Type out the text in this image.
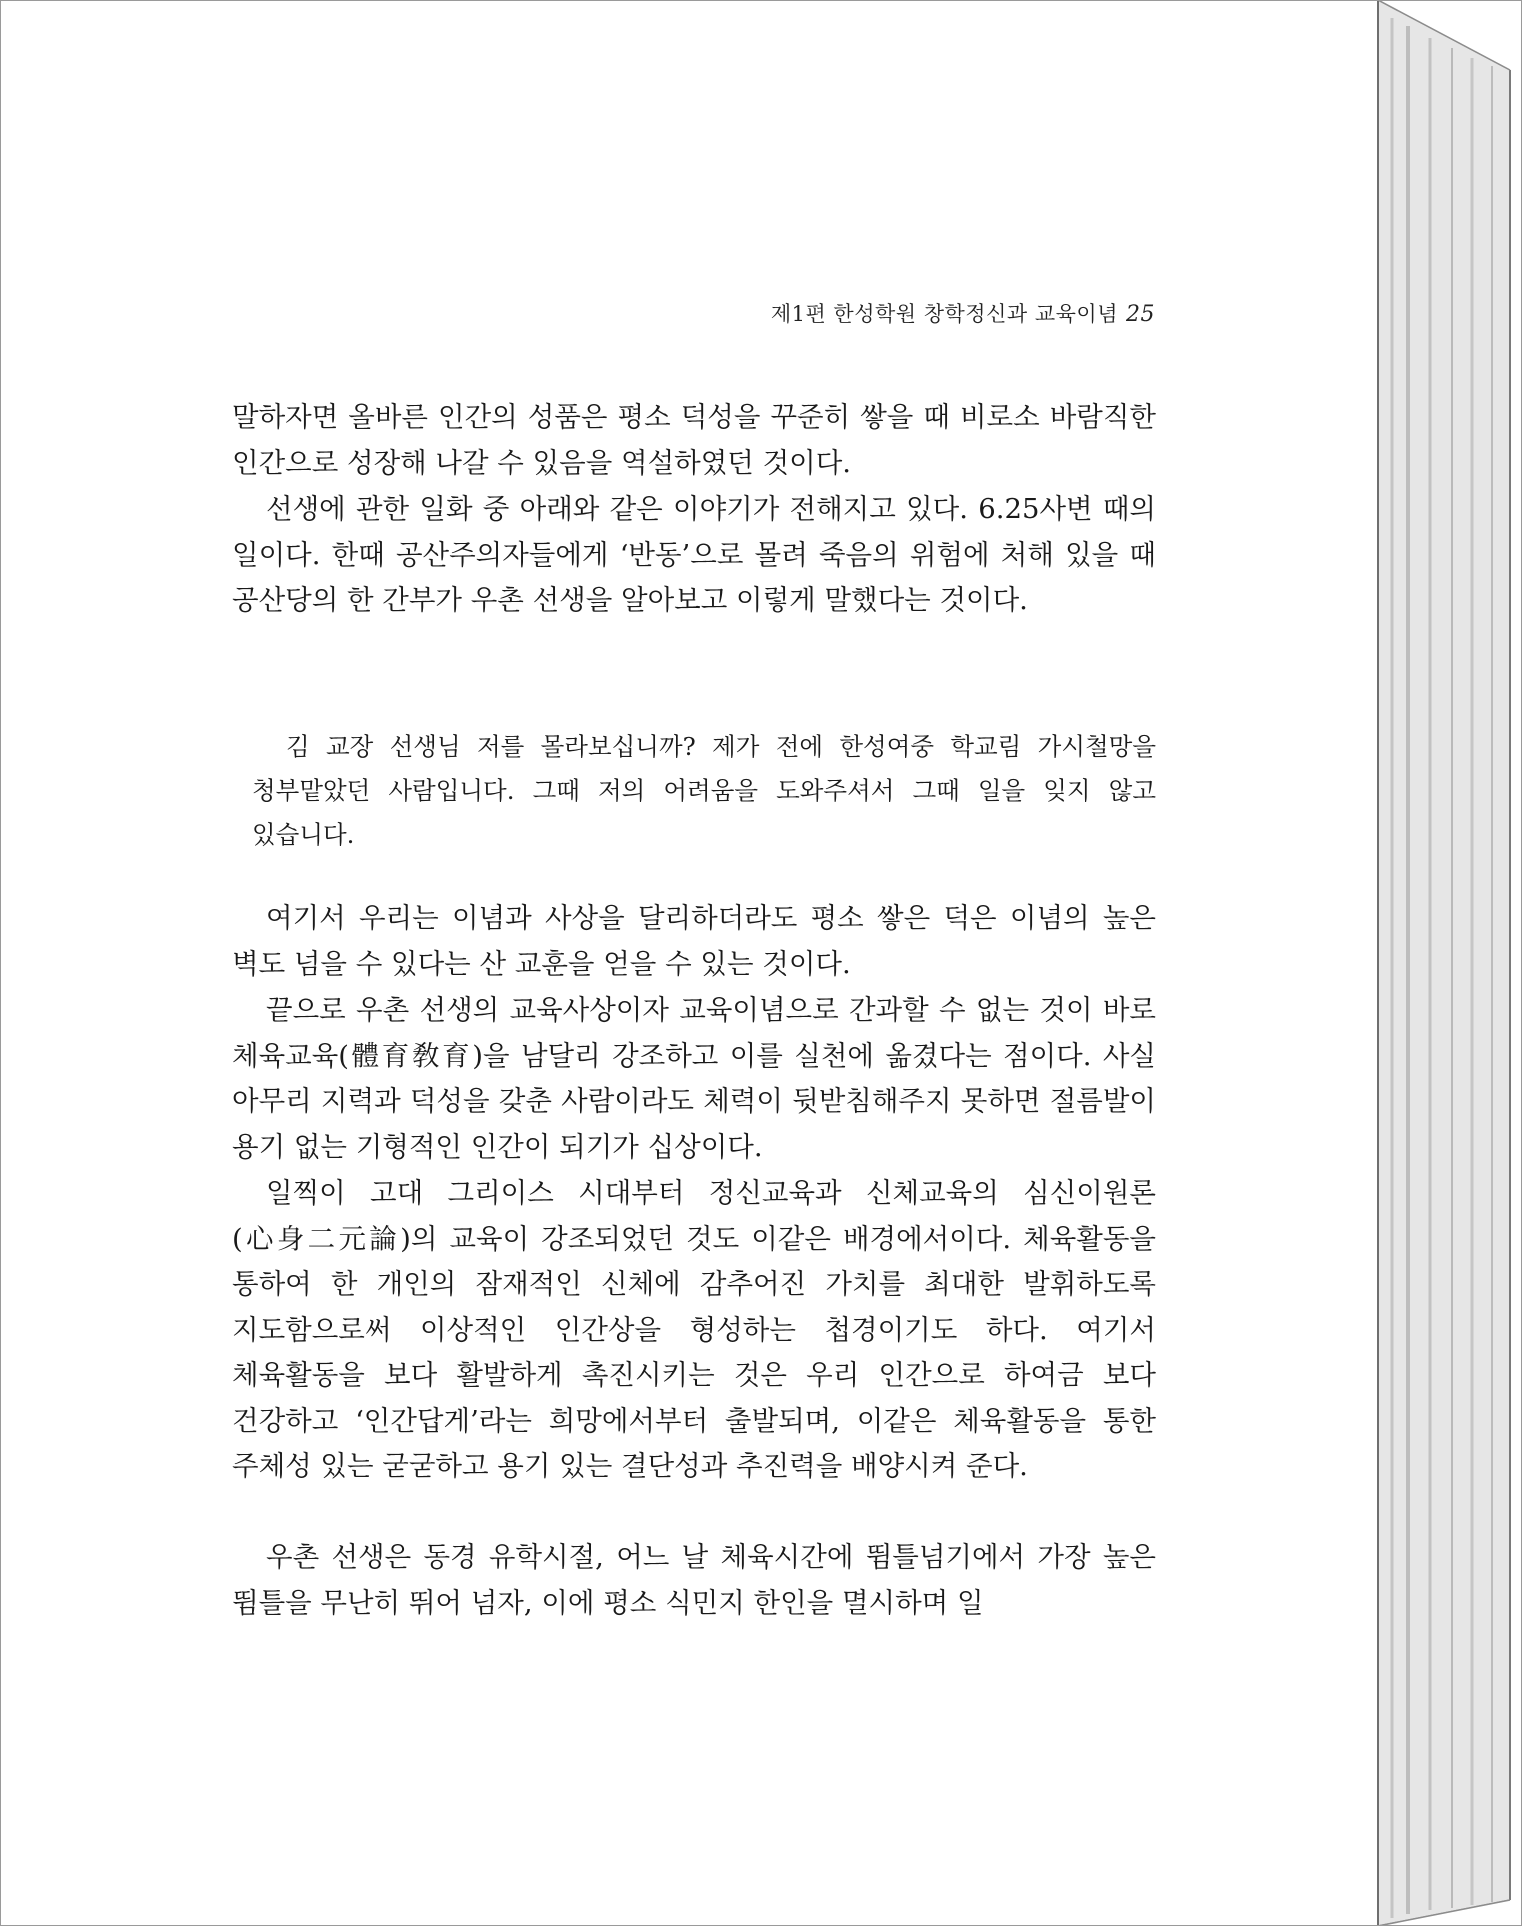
제1편 한성학원 창학정신과 교육이념 25

말하자면 올바른 인간의 성품은 평소 덕성을 꾸준히 쌓을 때 비로소 바람직한 인간으로 성장해 나갈 수 있음을 역설하였던 것이다.

선생에 관한 일화 중 아래와 같은 이야기가 전해지고 있다. 6.25사변 때의 일이다. 한때 공산주의자들에게 ‘반동’으로 몰려 죽음의 위험에 처해 있을 때 공산당의 한 간부가 우촌 선생을 알아보고 이렇게 말했다는 것이다.

김 교장 선생님 저를 몰라보십니까? 제가 전에 한성여중 학교림 가시철망을 청부맡았던 사람입니다. 그때 저의 어려움을 도와주셔서 그때 일을 잊지 않고 있습니다.

여기서 우리는 이념과 사상을 달리하더라도 평소 쌓은 덕은 이념의 높은 벽도 넘을 수 있다는 산 교훈을 얻을 수 있는 것이다.

끝으로 우촌 선생의 교육사상이자 교육이념으로 간과할 수 없는 것이 바로 체육교육(體育敎育)을 남달리 강조하고 이를 실천에 옮겼다는 점이다. 사실 아무리 지력과 덕성을 갖춘 사람이라도 체력이 뒷받침해주지 못하면 절름발이 용기 없는 기형적인 인간이 되기가 십상이다.

일찍이 고대 그리이스 시대부터 정신교육과 신체교육의 심신이원론(心身二元論)의 교육이 강조되었던 것도 이같은 배경에서이다. 체육활동을 통하여 한 개인의 잠재적인 신체에 감추어진 가치를 최대한 발휘하도록 지도함으로써 이상적인 인간상을 형성하는 첩경이기도 하다. 여기서 체육활동을 보다 활발하게 촉진시키는 것은 우리 인간으로 하여금 보다 건강하고 ‘인간답게’라는 희망에서부터 출발되며, 이같은 체육활동을 통한 주체성 있는 굳굳하고 용기 있는 결단성과 추진력을 배양시켜 준다.

우촌 선생은 동경 유학시절, 어느 날 체육시간에 뜀틀넘기에서 가장 높은 뜀틀을 무난히 뛰어 넘자, 이에 평소 식민지 한인을 멸시하며 일
